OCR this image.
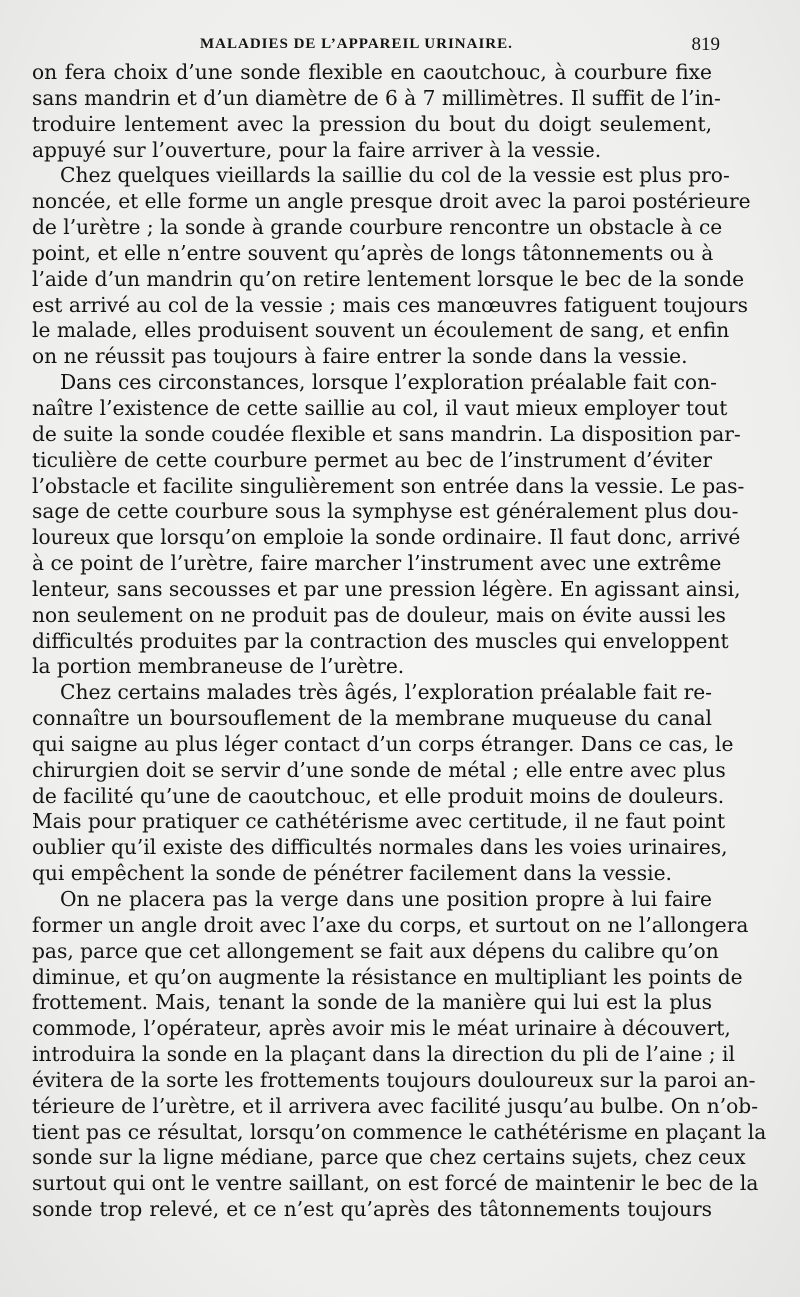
MALADIES DE L’APPAREIL URINAIRE.	819
on fera choix d’une sonde flexible en caoutchouc, à courbure fixe
sans mandrin et d’un diamètre de 6 à 7 millimètres. Il suffit de l’in-
troduire lentement avec la pression du bout du doigt seulement,
appuyé sur l’ouverture, pour la faire arriver à la vessie.
Chez quelques vieillards la saillie du col de la vessie est plus pro-
noncée, et elle forme un angle presque droit avec la paroi postérieure
de l’urètre ; la sonde à grande courbure rencontre un obstacle à ce
point, et elle n’entre souvent qu’après de longs tâtonnements ou à
l’aide d’un mandrin qu’on retire lentement lorsque le bec de la sonde
est arrivé au col de la vessie ; mais ces manœuvres fatiguent toujours
le malade, elles produisent souvent un écoulement de sang, et enfin
on ne réussit pas toujours à faire entrer la sonde dans la vessie.
Dans ces circonstances, lorsque l’exploration préalable fait con-
naître l’existence de cette saillie au col, il vaut mieux employer tout
de suite la sonde coudée flexible et sans mandrin. La disposition par-
ticulière de cette courbure permet au bec de l’instrument d’éviter
l’obstacle et facilite singulièrement son entrée dans la vessie. Le pas-
sage de cette courbure sous la symphyse est généralement plus dou-
loureux que lorsqu’on emploie la sonde ordinaire. Il faut donc, arrivé
à ce point de l’urètre, faire marcher l’instrument avec une extrême
lenteur, sans secousses et par une pression légère. En agissant ainsi,
non seulement on ne produit pas de douleur, mais on évite aussi les
difficultés produites par la contraction des muscles qui enveloppent
la portion membraneuse de l’urètre.
Chez certains malades très âgés, l’exploration préalable fait re-
connaître un boursouflement de la membrane muqueuse du canal
qui saigne au plus léger contact d’un corps étranger. Dans ce cas, le
chirurgien doit se servir d’une sonde de métal ; elle entre avec plus
de facilité qu’une de caoutchouc, et elle produit moins de douleurs.
Mais pour pratiquer ce cathétérisme avec certitude, il ne faut point
oublier qu’il existe des difficultés normales dans les voies urinaires,
qui empêchent la sonde de pénétrer facilement dans la vessie.
On ne placera pas la verge dans une position propre à lui faire
former un angle droit avec l’axe du corps, et surtout on ne l’allongera
pas, parce que cet allongement se fait aux dépens du calibre qu’on
diminue, et qu’on augmente la résistance en multipliant les points de
frottement. Mais, tenant la sonde de la manière qui lui est la plus
commode, l’opérateur, après avoir mis le méat urinaire à découvert,
introduira la sonde en la plaçant dans la direction du pli de l’aine ; il
évitera de la sorte les frottements toujours douloureux sur la paroi an-
térieure de l’urètre, et il arrivera avec facilité jusqu’au bulbe. On n’ob-
tient pas ce résultat, lorsqu’on commence le cathétérisme en plaçant la
sonde sur la ligne médiane, parce que chez certains sujets, chez ceux
surtout qui ont le ventre saillant, on est forcé de maintenir le bec de la
sonde trop relevé, et ce n’est qu’après des tâtonnements toujours
